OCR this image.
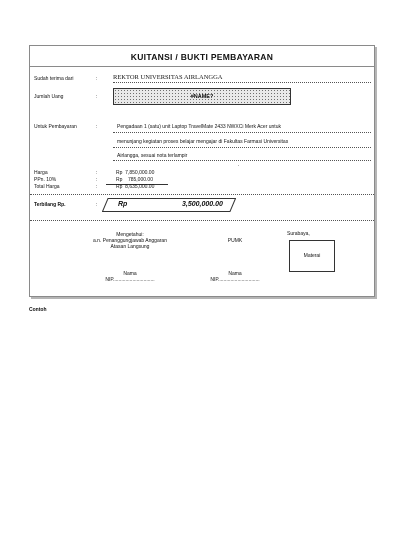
KUITANSI / BUKTI PEMBAYARAN
Sudah terima dari	: REKTOR UNIVERSITAS AIRLANGGA
Jumlah Uang	:	#NAME?
Untuk Pembayaran	:	Pengadaan 1 (satu) unit Laptop TravelMate 2433 NWXCi Merk Acer untuk
menunjang kegiatan proses belajar mengajar di Fakultas Farmasi Universitas
Airlangga, sesuai nota terlampir
.
Harga	:	Rp  7,850,000.00
PPn. 10%	:	Rp    785,000.00
Total Harga	:	Rp  8,635,000.00
Terbilang Rp.	:	Rp	3,500,000.00
Mengetahui:
a.n. Penanggungjawab Anggaran
Atasan Langsung
Nama
NIP..............................
PUMK
Nama
NIP..............................
Surabaya,
Materai
Contoh
